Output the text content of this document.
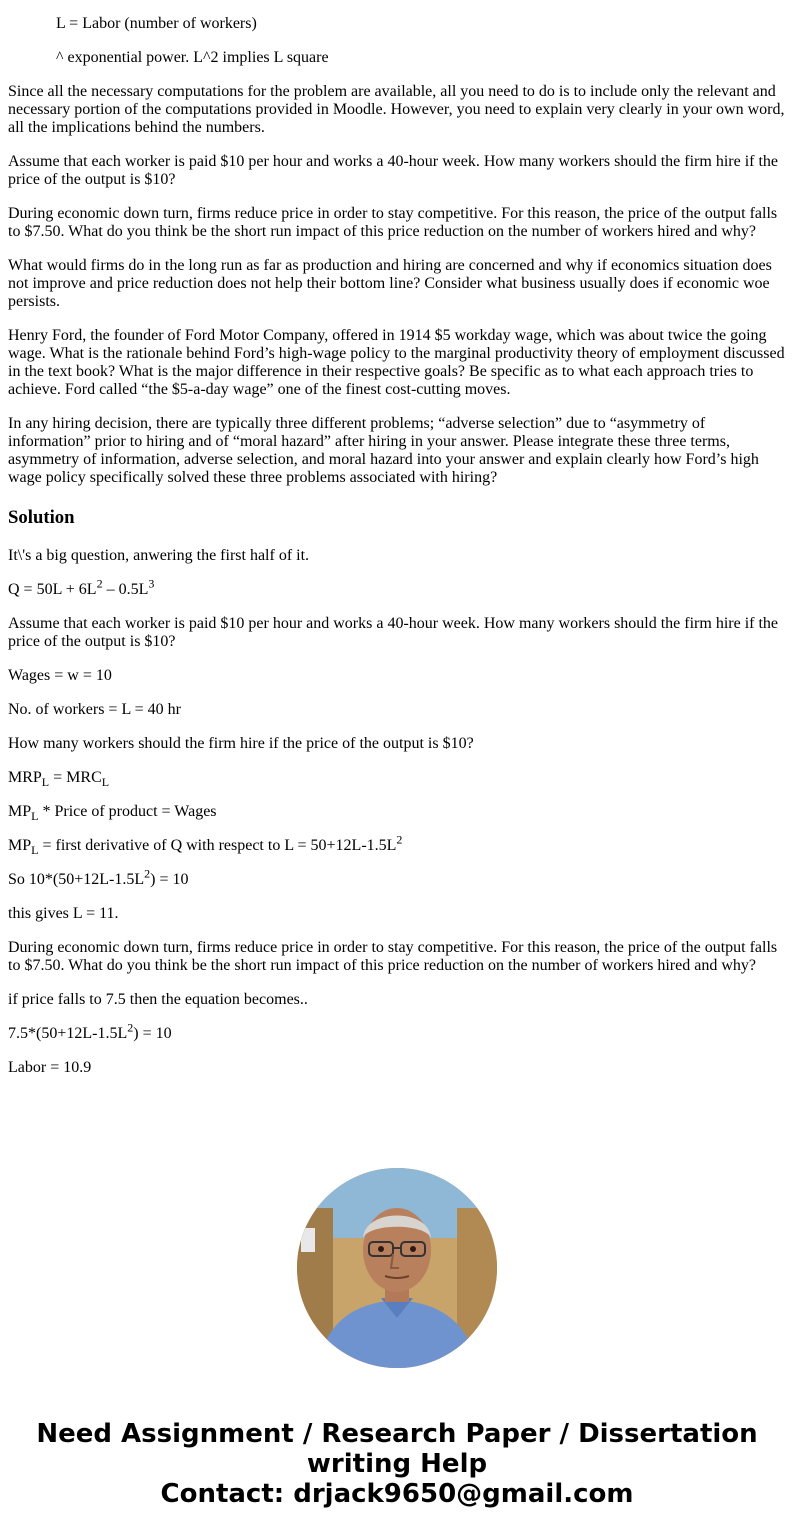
L = Labor (number of workers)

^ exponential power. L^2 implies L square

Since all the necessary computations for the problem are available, all you need to do is to include only the relevant and necessary portion of the computations provided in Moodle. However, you need to explain very clearly in your own word, all the implications behind the numbers.

Assume that each worker is paid $10 per hour and works a 40-hour week. How many workers should the firm hire if the price of the output is $10?

During economic down turn, firms reduce price in order to stay competitive. For this reason, the price of the output falls to $7.50. What do you think be the short run impact of this price reduction on the number of workers hired and why?

What would firms do in the long run as far as production and hiring are concerned and why if economics situation does not improve and price reduction does not help their bottom line? Consider what business usually does if economic woe persists.

Henry Ford, the founder of Ford Motor Company, offered in 1914 $5 workday wage, which was about twice the going wage. What is the rationale behind Ford’s high-wage policy to the marginal productivity theory of employment discussed in the text book? What is the major difference in their respective goals? Be specific as to what each approach tries to achieve. Ford called “the $5-a-day wage” one of the finest cost-cutting moves.

In any hiring decision, there are typically three different problems; “adverse selection” due to “asymmetry of information” prior to hiring and of “moral hazard” after hiring in your answer. Please integrate these three terms, asymmetry of information, adverse selection, and moral hazard into your answer and explain clearly how Ford’s high wage policy specifically solved these three problems associated with hiring?

Solution

It\'s a big question, anwering the first half of it.

$Q = 50L + 6L^2 - 0.5L^3$

Assume that each worker is paid $10 per hour and works a 40-hour week. How many workers should the firm hire if the price of the output is $10?

Wages = w = 10

No. of workers = L = 40 hr

How many workers should the firm hire if the price of the output is $10?

$MRP_L = MRC_L$

$MP_L$ * Price of product = Wages

$MP_L$ = first derivative of Q with respect to $L = 50+12L-1.5L^2$

So $10*(50+12L-1.5L^2) = 10$

this gives L = 11.

During economic down turn, firms reduce price in order to stay competitive. For this reason, the price of the output falls to $7.50. What do you think be the short run impact of this price reduction on the number of workers hired and why?

if price falls to 7.5 then the equation becomes..

$7.5*(50+12L-1.5L^2) = 10$

Labor = 10.9

Need Assignment / Research Paper / Dissertation
writing Help
Contact: drjack9650@gmail.com
